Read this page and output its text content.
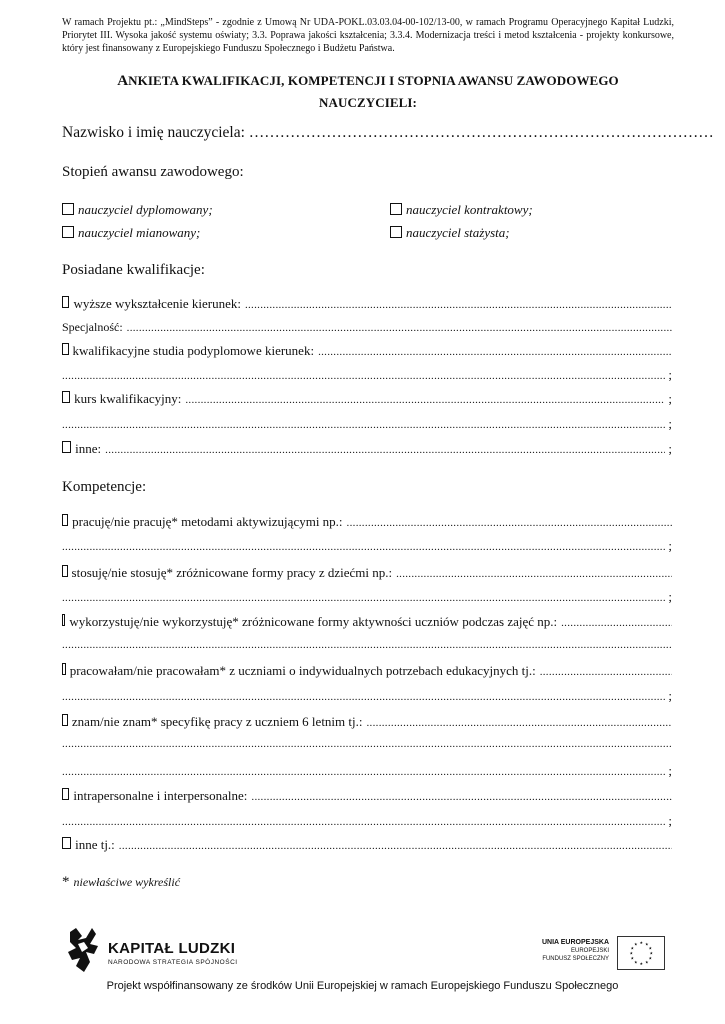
W ramach Projektu pt.: „MindSteps” - zgodnie z Umową Nr UDA-POKL.03.03.04-00-102/13-00, w ramach Programu Operacyjnego Kapitał Ludzki, Priorytet III. Wysoka jakość systemu oświaty; 3.3. Poprawa jakości kształcenia; 3.3.4. Modernizacja treści i metod kształcenia - projekty konkursowe, który jest finansowany z Europejskiego Funduszu Społecznego i Budżetu Państwa.
ANKIETA KWALIFIKACJI, KOMPETENCJI I STOPNIA AWANSU ZAWODOWEGO
NAUCZYCIELI:
Nazwisko i imię nauczyciela: ………………………………………………………………………………
Stopień awansu zawodowego:
nauczyciel dyplomowany;	nauczyciel kontraktowy;
nauczyciel mianowany;	nauczyciel stażysta;
Posiadane kwalifikacje:
wyższe wykształcenie kierunek:
.....
Specjalność:
.....
kwalifikacyjne studia podyplomowe kierunek:
.....
.....
;
kurs kwalifikacyjny: .....	;
.....
;
inne: .....	;
Kompetencje:
pracuję/nie pracuję* metodami aktywizującymi np.:
.....
.....
;
stosuję/nie stosuję* zróżnicowane formy pracy z dziećmi np.:
.....
.....
;
wykorzystuję/nie wykorzystuję* zróżnicowane formy aktywności uczniów podczas zajęć np.:
.....
.....
pracowałam/nie pracowałam* z uczniami o indywidualnych potrzebach edukacyjnych tj.:
.....
.....
;
znam/nie znam* specyfikę pracy z uczniem 6 letnim tj.:
.....
.....
.....
;
intrapersonalne i interpersonalne:
.....
.....
;
inne tj.:
.....
* niewłaściwe wykreślić
KAPITAŁ LUDZKI
NARODOWA STRATEGIA SPÓJNOŚCI
UNIA EUROPEJSKA
EUROPEJSKI
FUNDUSZ SPOŁECZNY
★ ★
★
★
★
★
★
★
★
★
★
★
Projekt współfinansowany ze środków Unii Europejskiej w ramach Europejskiego Funduszu Społecznego
